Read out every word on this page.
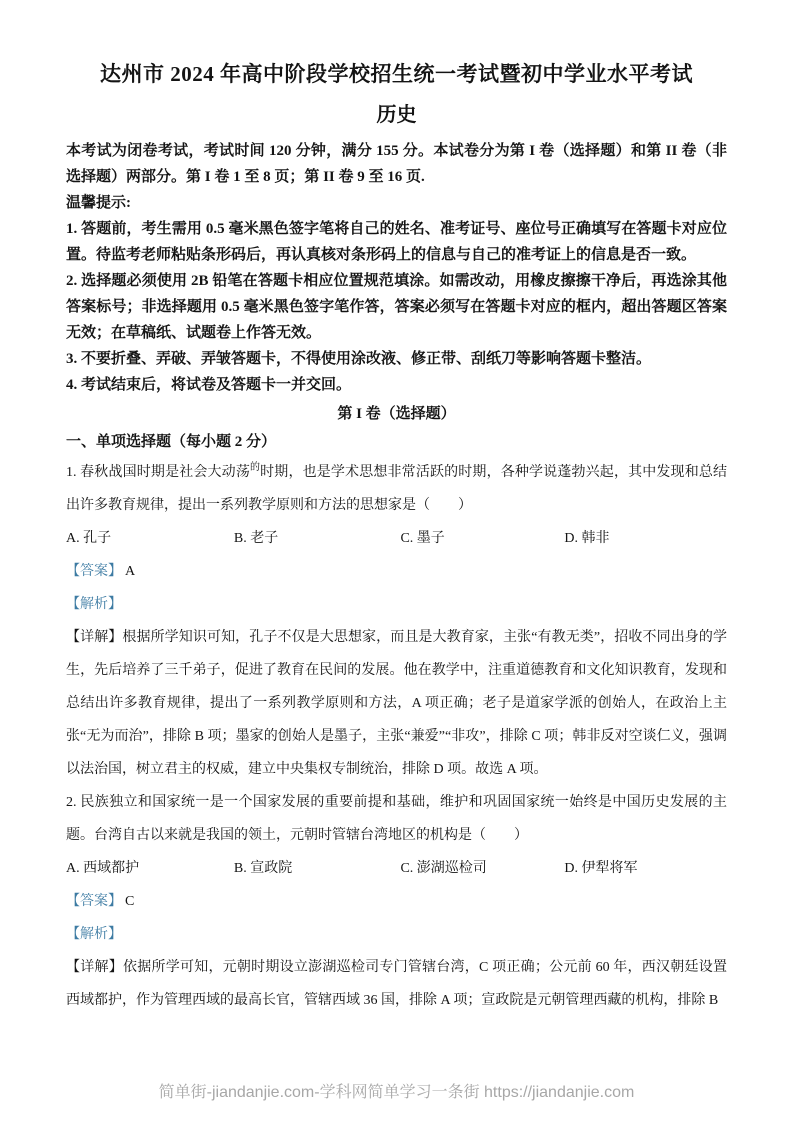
达州市 2024 年高中阶段学校招生统一考试暨初中学业水平考试
历史

本考试为闭卷考试，考试时间 120 分钟，满分 155 分。本试卷分为第 I 卷（选择题）和第 II 卷（非选择题）两部分。第 I 卷 1 至 8 页；第 II 卷 9 至 16 页.

温馨提示:

1. 答题前，考生需用 0.5 毫米黑色签字笔将自己的姓名、准考证号、座位号正确填写在答题卡对应位置。待监考老师粘贴条形码后，再认真核对条形码上的信息与自己的准考证上的信息是否一致。

2. 选择题必须使用 2B 铅笔在答题卡相应位置规范填涂。如需改动，用橡皮擦擦干净后，再选涂其他答案标号；非选择题用 0.5 毫米黑色签字笔作答，答案必须写在答题卡对应的框内，超出答题区答案无效；在草稿纸、试题卷上作答无效。

3. 不要折叠、弄破、弄皱答题卡，不得使用涂改液、修正带、刮纸刀等影响答题卡整洁。

4. 考试结束后，将试卷及答题卡一并交回。

第 I 卷（选择题）

一、单项选择题（每小题 2 分）

1. 春秋战国时期是社会大动荡$^的$时期，也是学术思想非常活跃的时期，各种学说蓬勃兴起，其中发现和总结出许多教育规律，提出一系列教学原则和方法的思想家是（　　）

A. 孔子	B. 老子	C. 墨子	D. 韩非

【答案】 A

【解析】

【详解】根据所学知识可知，孔子不仅是大思想家，而且是大教育家，主张“有教无类”，招收不同出身的学生，先后培养了三千弟子，促进了教育在民间的发展。他在教学中，注重道德教育和文化知识教育，发现和总结出许多教育规律，提出了一系列教学原则和方法，A 项正确；老子是道家学派的创始人，在政治上主张“无为而治”，排除 B 项；墨家的创始人是墨子，主张“兼爱”“非攻”，排除 C 项；韩非反对空谈仁义，强调以法治国，树立君主的权威，建立中央集权专制统治，排除 D 项。故选 A 项。

2. 民族独立和国家统一是一个国家发展的重要前提和基础，维护和巩固国家统一始终是中国历史发展的主题。台湾自古以来就是我国的领土，元朝时管辖台湾地区的机构是（　　）

A. 西域都护	B. 宣政院	C. 澎湖巡检司	D. 伊犁将军

【答案】 C

【解析】

【详解】依据所学可知，元朝时期设立澎湖巡检司专门管辖台湾，C 项正确；公元前 60 年，西汉朝廷设置西域都护，作为管理西域的最高长官，管辖西域 36 国，排除 A 项；宣政院是元朝管理西藏的机构，排除 B

简单街-jiandanjie.com-学科网简单学习一条街 https://jiandanjie.com
